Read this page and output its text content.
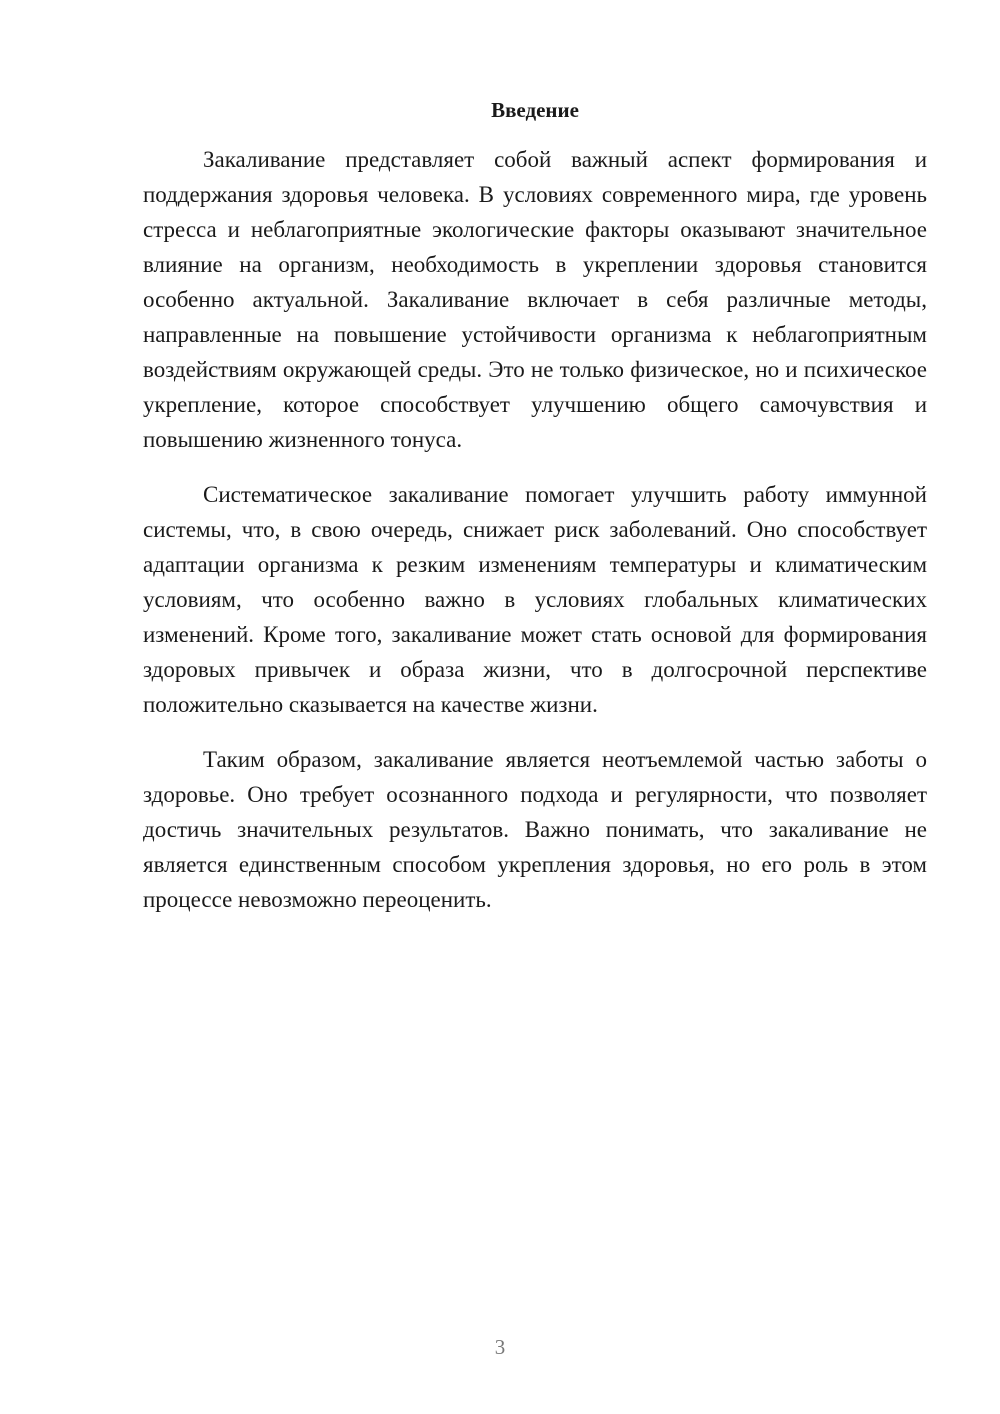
Введение

Закаливание представляет собой важный аспект формирования и поддержания здоровья человека. В условиях современного мира, где уровень стресса и неблагоприятные экологические факторы оказывают значительное влияние на организм, необходимость в укреплении здоровья становится особенно актуальной. Закаливание включает в себя различные методы, направленные на повышение устойчивости организма к неблагоприятным воздействиям окружающей среды. Это не только физическое, но и психическое укрепление, которое способствует улучшению общего самочувствия и повышению жизненного тонуса.

Систематическое закаливание помогает улучшить работу иммунной системы, что, в свою очередь, снижает риск заболеваний. Оно способствует адаптации организма к резким изменениям температуры и климатическим условиям, что особенно важно в условиях глобальных климатических изменений. Кроме того, закаливание может стать основой для формирования здоровых привычек и образа жизни, что в долгосрочной перспективе положительно сказывается на качестве жизни.

Таким образом, закаливание является неотъемлемой частью заботы о здоровье. Оно требует осознанного подхода и регулярности, что позволяет достичь значительных результатов. Важно понимать, что закаливание не является единственным способом укрепления здоровья, но его роль в этом процессе невозможно переоценить.

3
